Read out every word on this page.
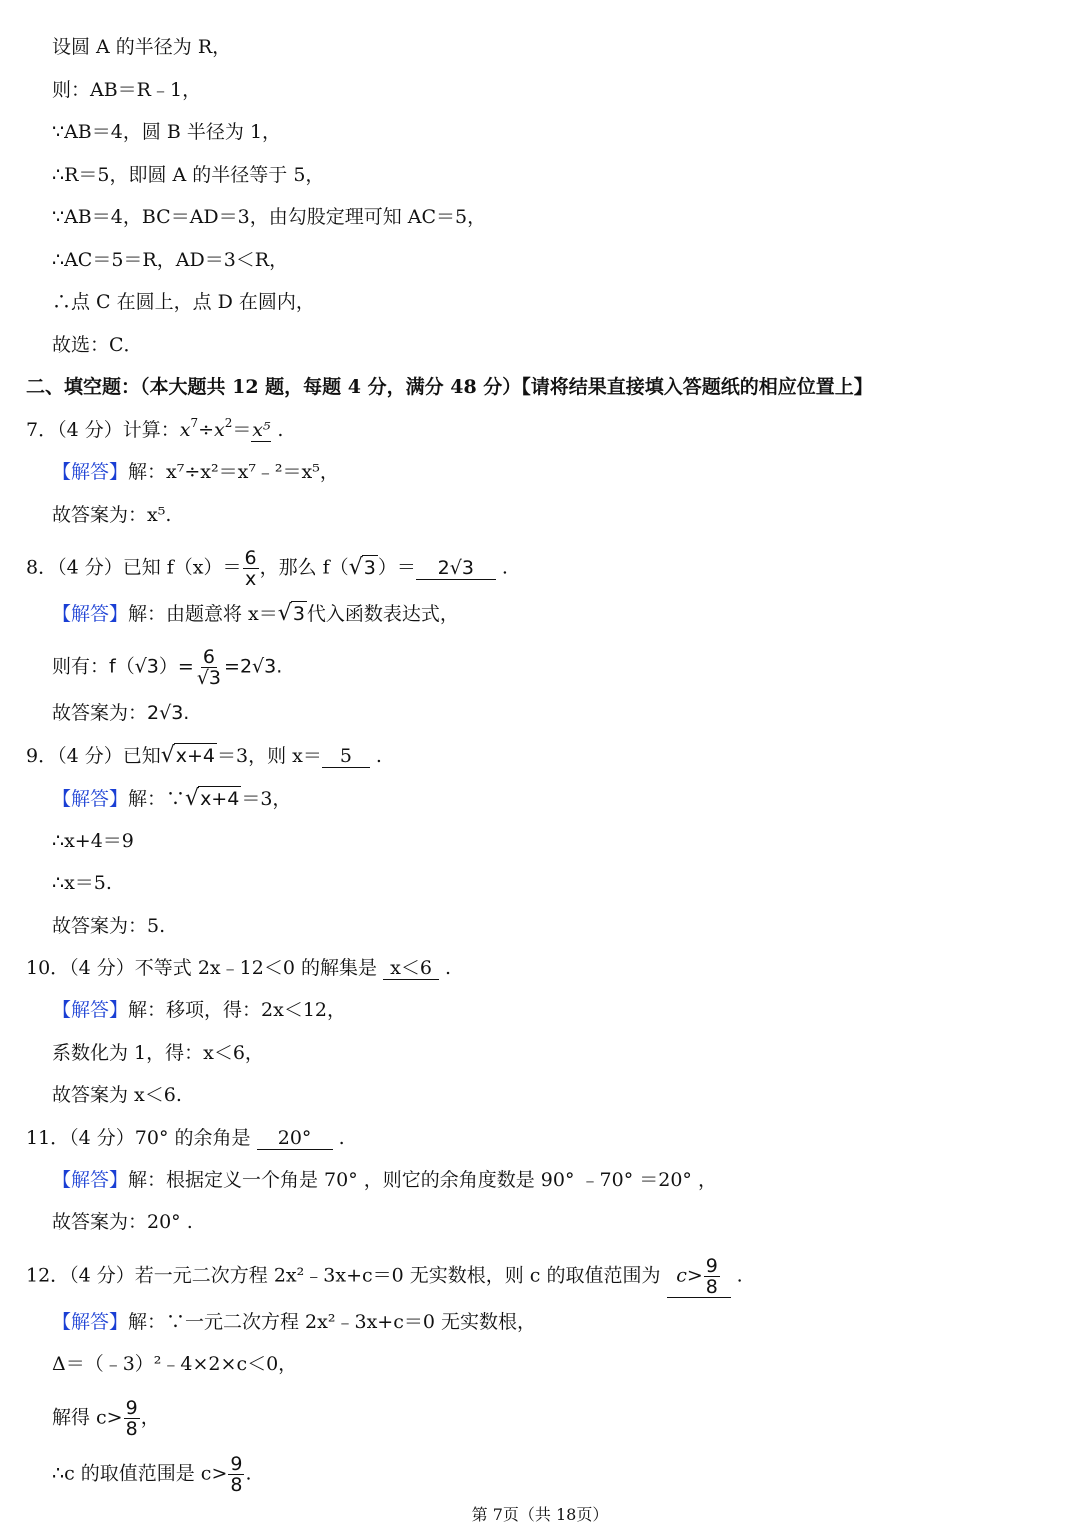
设圆 A 的半径为 R，
则：AB＝R﹣1，
∵AB＝4，圆 B 半径为 1，
∴R＝5，即圆 A 的半径等于 5，
∵AB＝4，BC＝AD＝3，由勾股定理可知 AC＝5，
∴AC＝5＝R，AD＝3＜R，
∴点 C 在圆上，点 D 在圆内，
故选：C．
二、填空题：（本大题共 12 题，每题 4 分，满分 48 分）【请将结果直接填入答题纸的相应位置上】
7．（4 分）计算：$x^7\div x^2=x^5$ .
【解答】解：x⁷÷x²＝x⁷﹣²＝x⁵，
故答案为：x⁵.
8．（4 分）已知 $f(x)= \frac{6}{x}$ ，那么 f（ √ 3 ）＝ 2√3 .
【解答】解：由题意将 x＝ √ 3 代入函数表达式，
则有：$f(√3)= \frac{6}{√3} =2√3$.
故答案为：2√3.
9．（4 分）已知 √ x+4 ＝3，则 x＝ 5 .
【解答】解：∵ √ x+4 ＝3，
∴x+4＝9
∴x＝5.
故答案为：5.
10．（4 分）不等式 2x﹣12＜0 的解集是 x＜6 .
【解答】解：移项，得：2x＜12，
系数化为 1，得：x＜6，
故答案为 x＜6.
11．（4 分）70° 的余角是 20° .
【解答】解：根据定义一个角是 70° ，则它的余角度数是 90° ﹣70° ＝20° ，
故答案为：20° .
12．（4 分）若一元二次方程 2x²﹣3x+c＝0 无实数根，则 c 的取值范围为 $c> \frac{9}{8}$ .
【解答】解：∵一元二次方程 2x²﹣3x+c＝0 无实数根，
Δ＝（﹣3）²﹣4×2×c＜0，
解得 $c> \frac{9}{8}$ ，
∴c 的取值范围是 $c> \frac{9}{8}$ .
第 7页（共 18页）
